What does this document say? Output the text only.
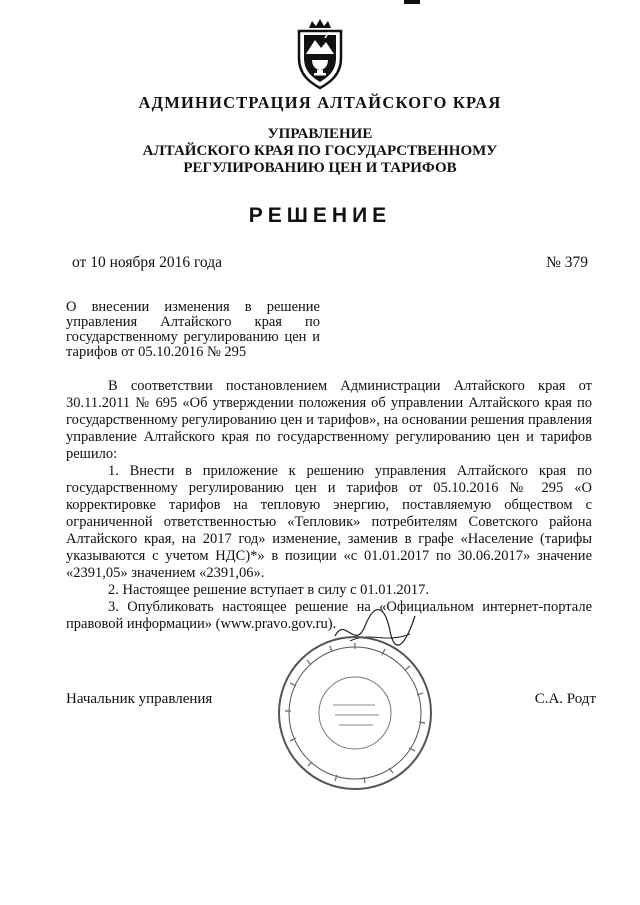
АДМИНИСТРАЦИЯ АЛТАЙСКОГО КРАЯ
УПРАВЛЕНИЕ
АЛТАЙСКОГО КРАЯ ПО ГОСУДАРСТВЕННОМУ
РЕГУЛИРОВАНИЮ ЦЕН И ТАРИФОВ
РЕШЕНИЕ
от 10 ноября 2016 года	№ 379
О внесении изменения в решение управления Алтайского края по государственному регулированию цен и тарифов от 05.10.2016 № 295

В соответствии постановлением Администрации Алтайского края от 30.11.2011 № 695 «Об утверждении положения об управлении Алтайского края по государственному регулированию цен и тарифов», на основании решения правления управление Алтайского края по государственному регулированию цен и тарифов решило:

1. Внести в приложение к решению управления Алтайского края по государственному регулированию цен и тарифов от 05.10.2016 № 295 «О корректировке тарифов на тепловую энергию, поставляемую обществом с ограниченной ответственностью «Тепловик» потребителям Советского района Алтайского края, на 2017 год» изменение, заменив в графе «Население (тарифы указываются с учетом НДС)*» в позиции «с 01.01.2017 по 30.06.2017» значение «2391,05» значением «2391,06».

2. Настоящее решение вступает в силу с 01.01.2017.

3. Опубликовать настоящее решение на «Официальном интернет-портале правовой информации» (www.pravo.gov.ru).

Начальник управления	С.А. Родт
